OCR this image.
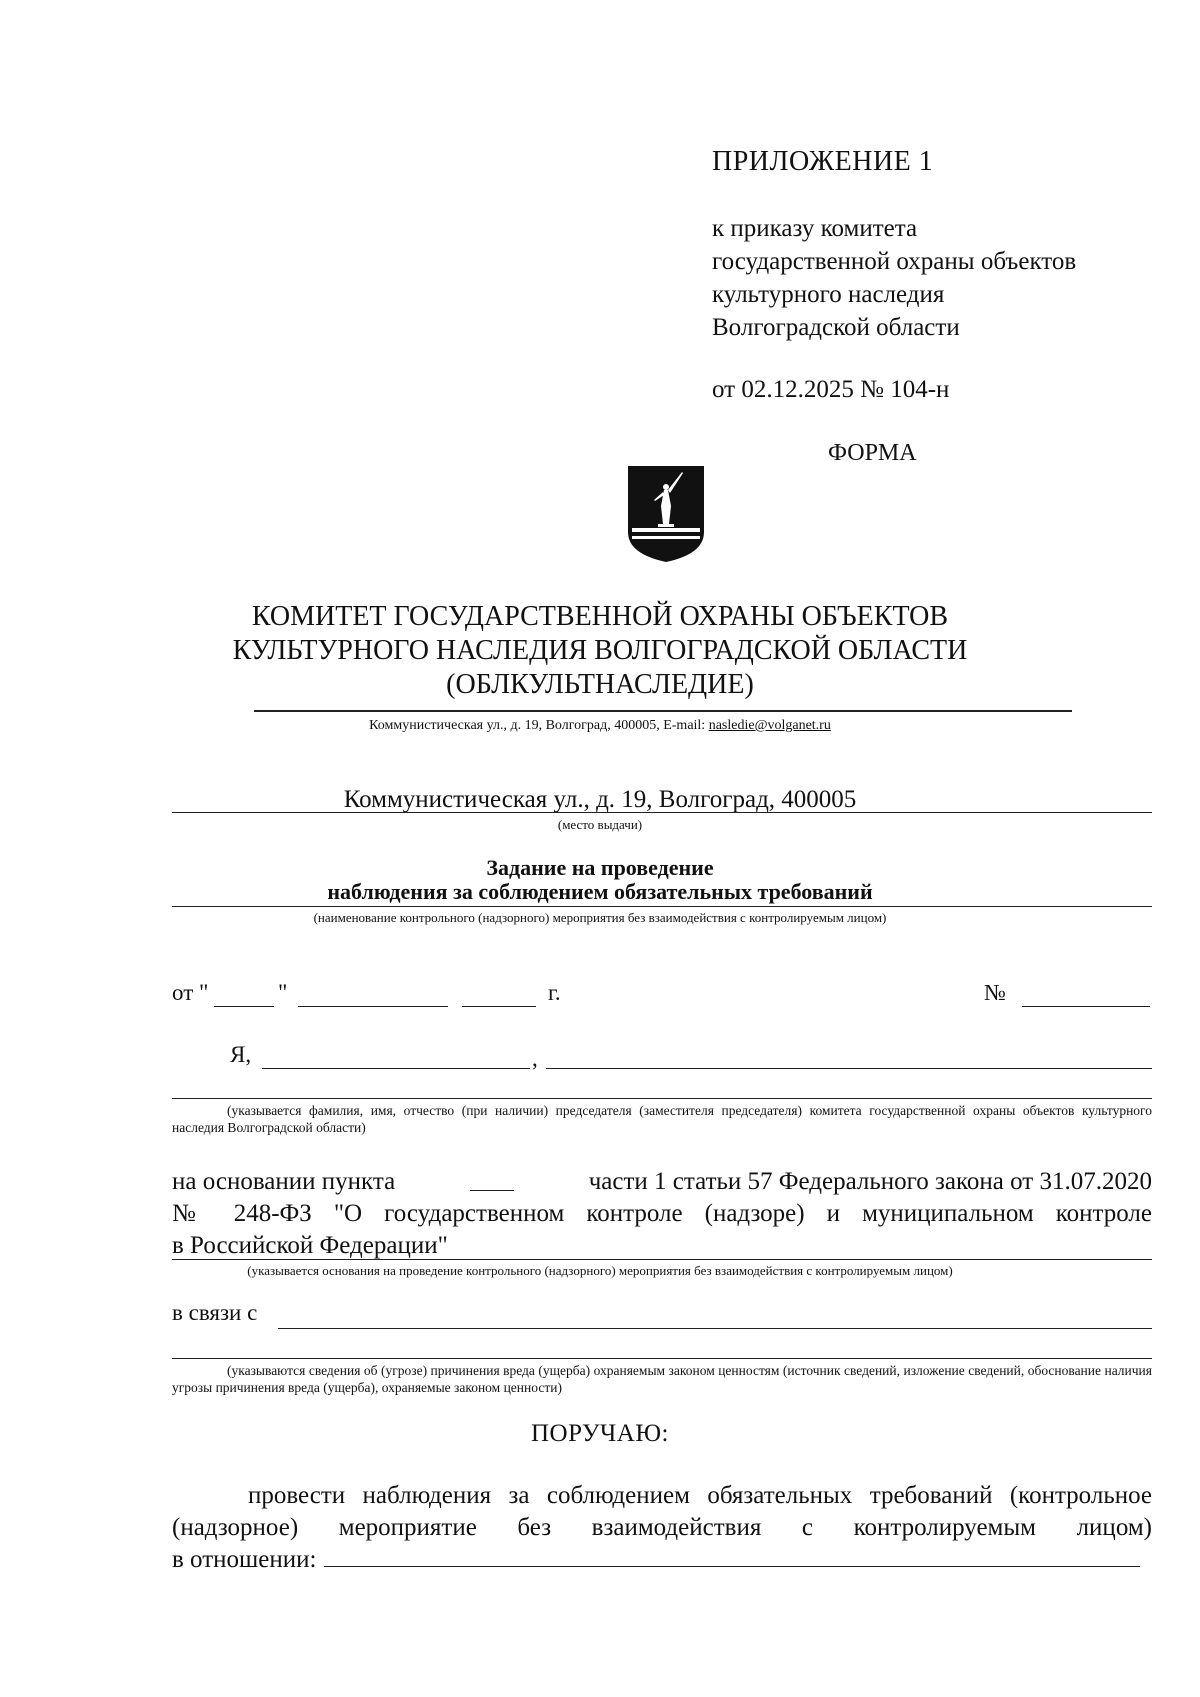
ПРИЛОЖЕНИЕ 1
к приказу комитета
государственной охраны объектов
культурного наследия
Волгоградской области
от 02.12.2025 № 104-н
ФОРМА
КОМИТЕТ ГОСУДАРСТВЕННОЙ ОХРАНЫ ОБЪЕКТОВ
КУЛЬТУРНОГО НАСЛЕДИЯ ВОЛГОГРАДСКОЙ ОБЛАСТИ
(ОБЛКУЛЬТНАСЛЕДИЕ)
Коммунистическая ул., д. 19, Волгоград, 400005, E-mail: nasledie@volganet.ru
Коммунистическая ул., д. 19, Волгоград, 400005
(место выдачи)
Задание на проведение
наблюдения за соблюдением обязательных требований
(наименование контрольного (надзорного) мероприятия без взаимодействия с контролируемым лицом)
от "	"	г.	№
Я,	,
(указывается фамилия, имя, отчество (при наличии) председателя (заместителя председателя) комитета государственной охраны объектов культурного наследия Волгоградской области)
на основании пункта	части 1 статьи 57 Федерального закона от 31.07.2020
№ 248-ФЗ "О государственном контроле (надзоре) и муниципальном контроле
в Российской Федерации"
(указывается основания на проведение контрольного (надзорного) мероприятия без взаимодействия с контролируемым лицом)
в связи с
(указываются сведения об (угрозе) причинения вреда (ущерба) охраняемым законом ценностям (источник сведений, изложение сведений, обоснование наличия угрозы причинения вреда (ущерба), охраняемые законом ценности)
ПОРУЧАЮ:
провести наблюдения за соблюдением обязательных требований (контрольное
(надзорное) мероприятие без взаимодействия с контролируемым лицом)
в отношении:
